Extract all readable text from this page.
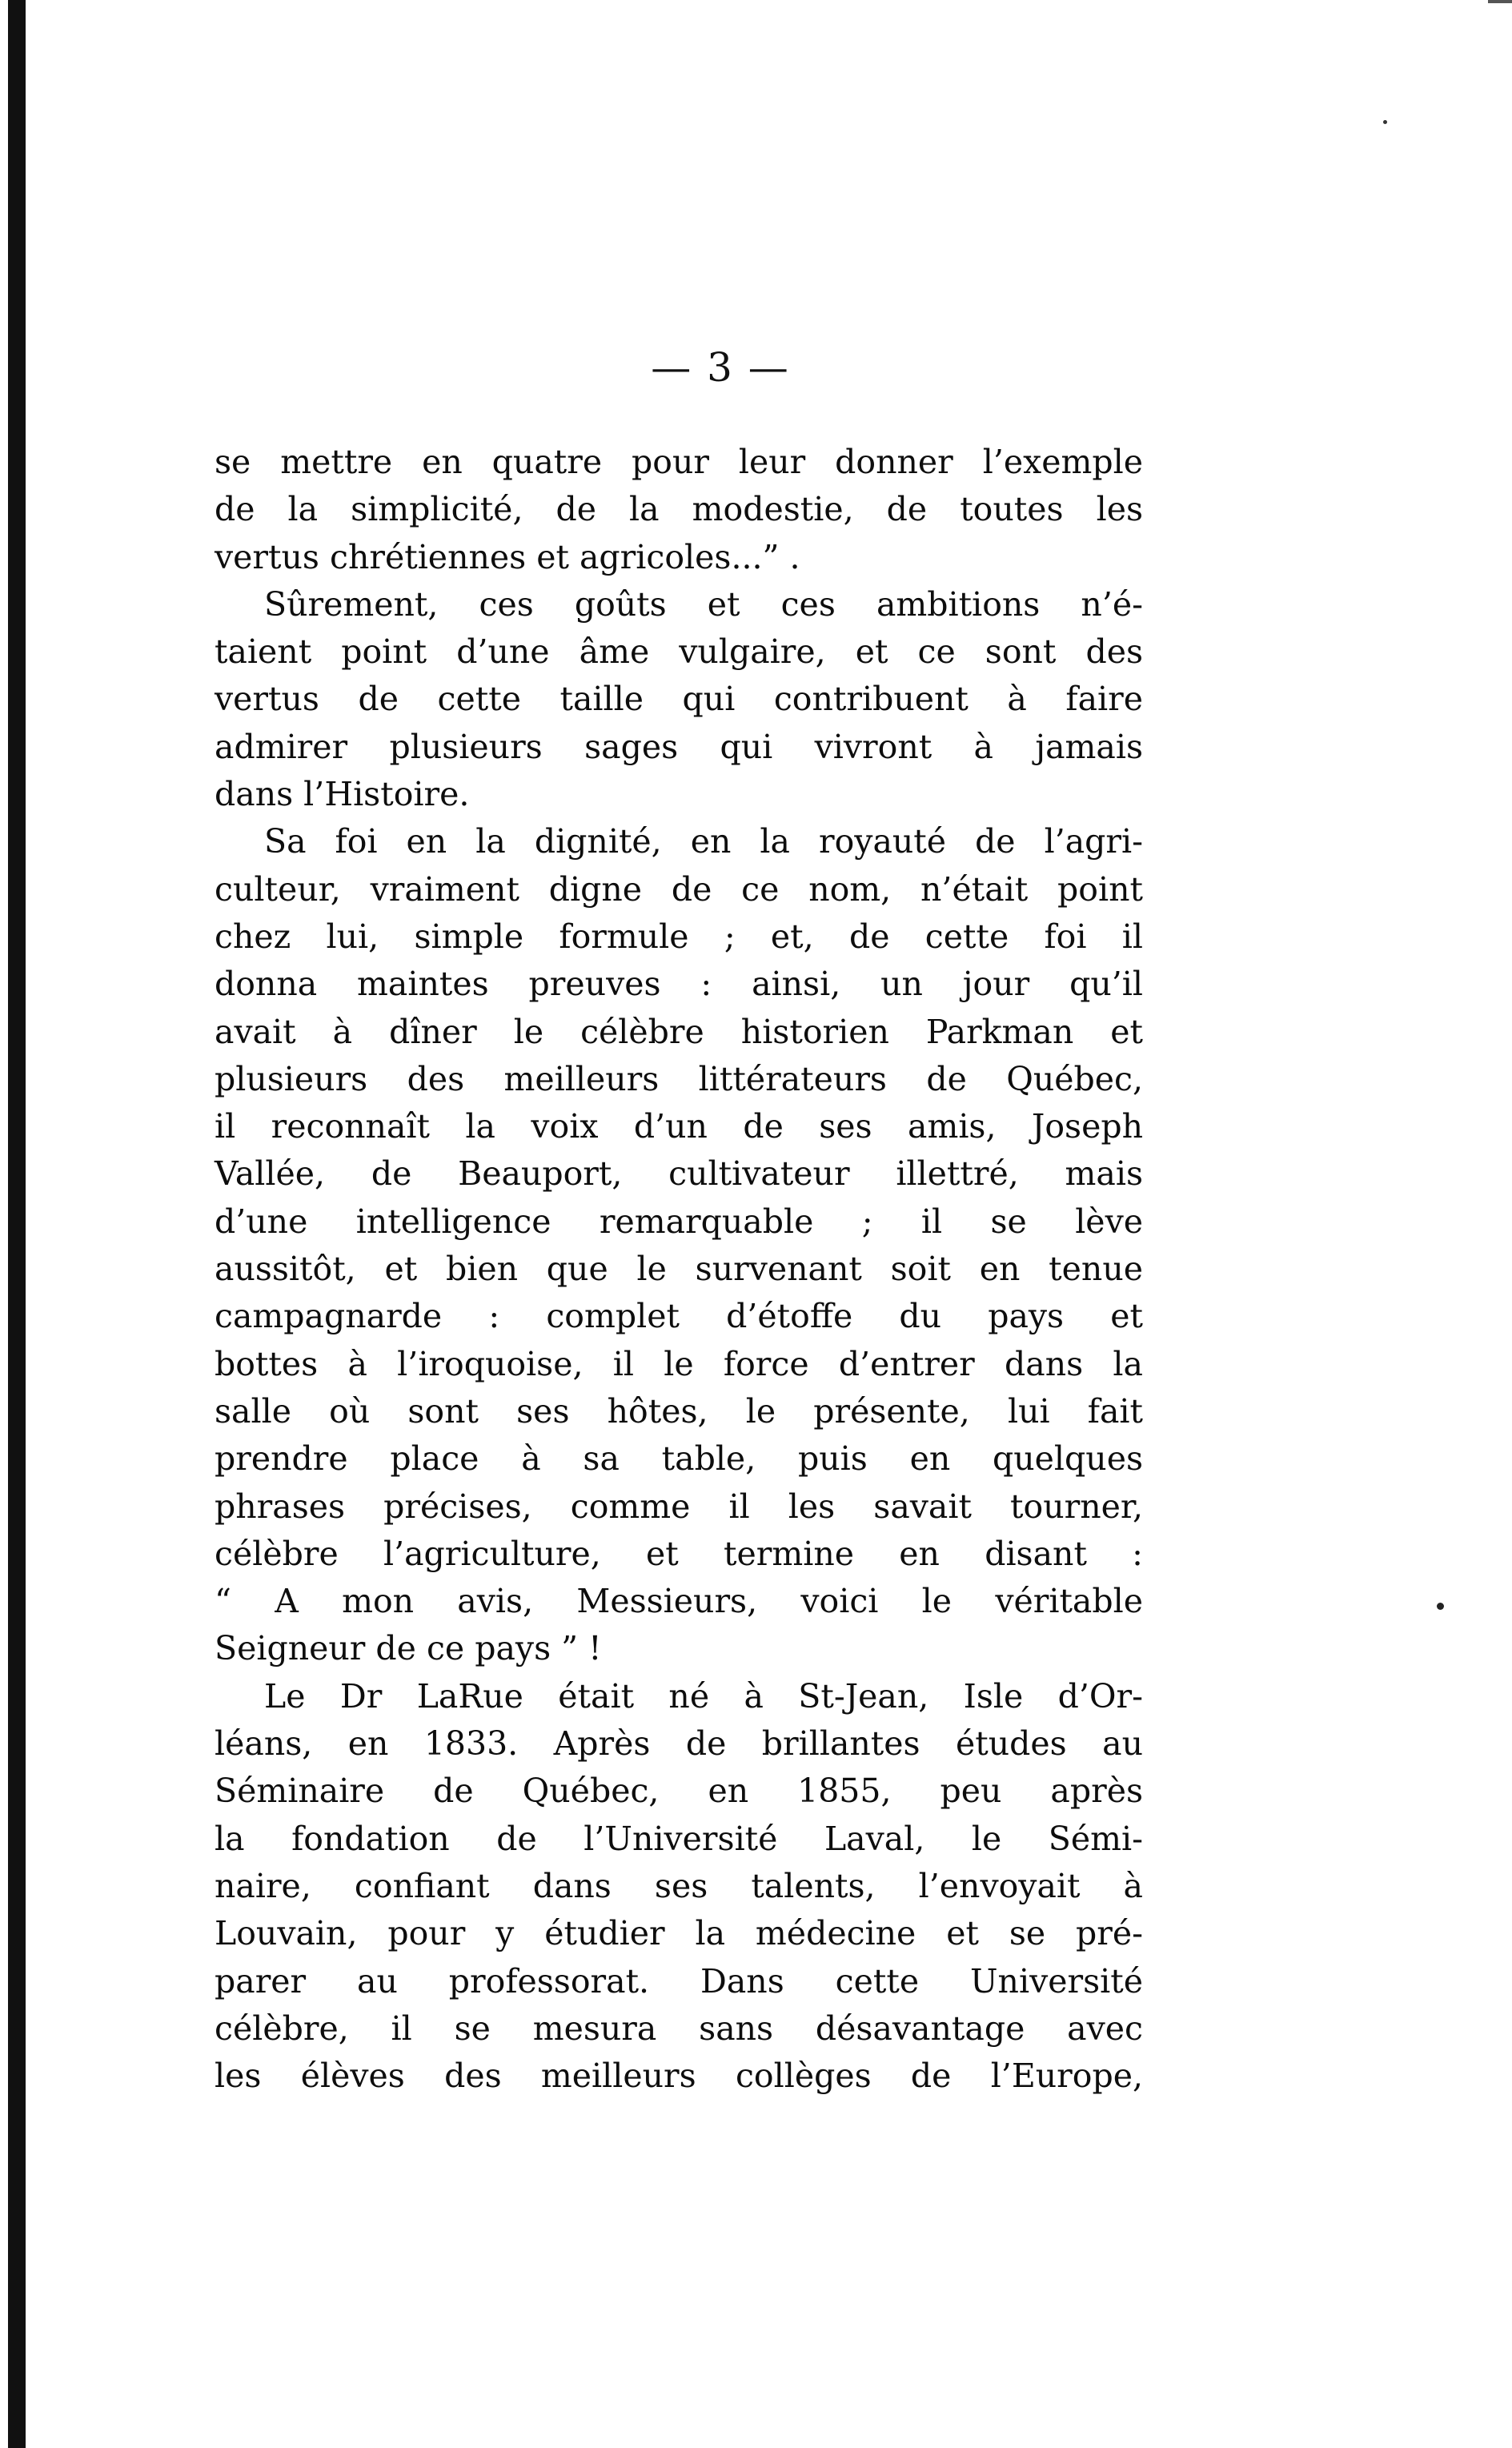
— 3 —
se mettre en quatre pour leur donner l’exemple
de la simplicité, de la modestie, de toutes les
vertus chrétiennes et agricoles...” .
Sûrement, ces goûts et ces ambitions n’é-
taient point d’une âme vulgaire, et ce sont des
vertus de cette taille qui contribuent à faire
admirer plusieurs sages qui vivront à jamais
dans l’Histoire.
Sa foi en la dignité, en la royauté de l’agri-
culteur, vraiment digne de ce nom, n’était point
chez lui, simple formule ; et, de cette foi il
donna maintes preuves : ainsi, un jour qu’il
avait à dîner le célèbre historien Parkman et
plusieurs des meilleurs littérateurs de Québec,
il reconnaît la voix d’un de ses amis, Joseph
Vallée, de Beauport, cultivateur illettré, mais
d’une intelligence remarquable ; il se lève
aussitôt, et bien que le survenant soit en tenue
campagnarde : complet d’étoffe du pays et
bottes à l’iroquoise, il le force d’entrer dans la
salle où sont ses hôtes, le présente, lui fait
prendre place à sa table, puis en quelques
phrases précises, comme il les savait tourner,
célèbre l’agriculture, et termine en disant :
“ A mon avis, Messieurs, voici le véritable
Seigneur de ce pays ” !
Le Dr LaRue était né à St-Jean, Isle d’Or-
léans, en 1833. Après de brillantes études au
Séminaire de Québec, en 1855, peu après
la fondation de l’Université Laval, le Sémi-
naire, confiant dans ses talents, l’envoyait à
Louvain, pour y étudier la médecine et se pré-
parer au professorat. Dans cette Université
célèbre, il se mesura sans désavantage avec
les élèves des meilleurs collèges de l’Europe,
